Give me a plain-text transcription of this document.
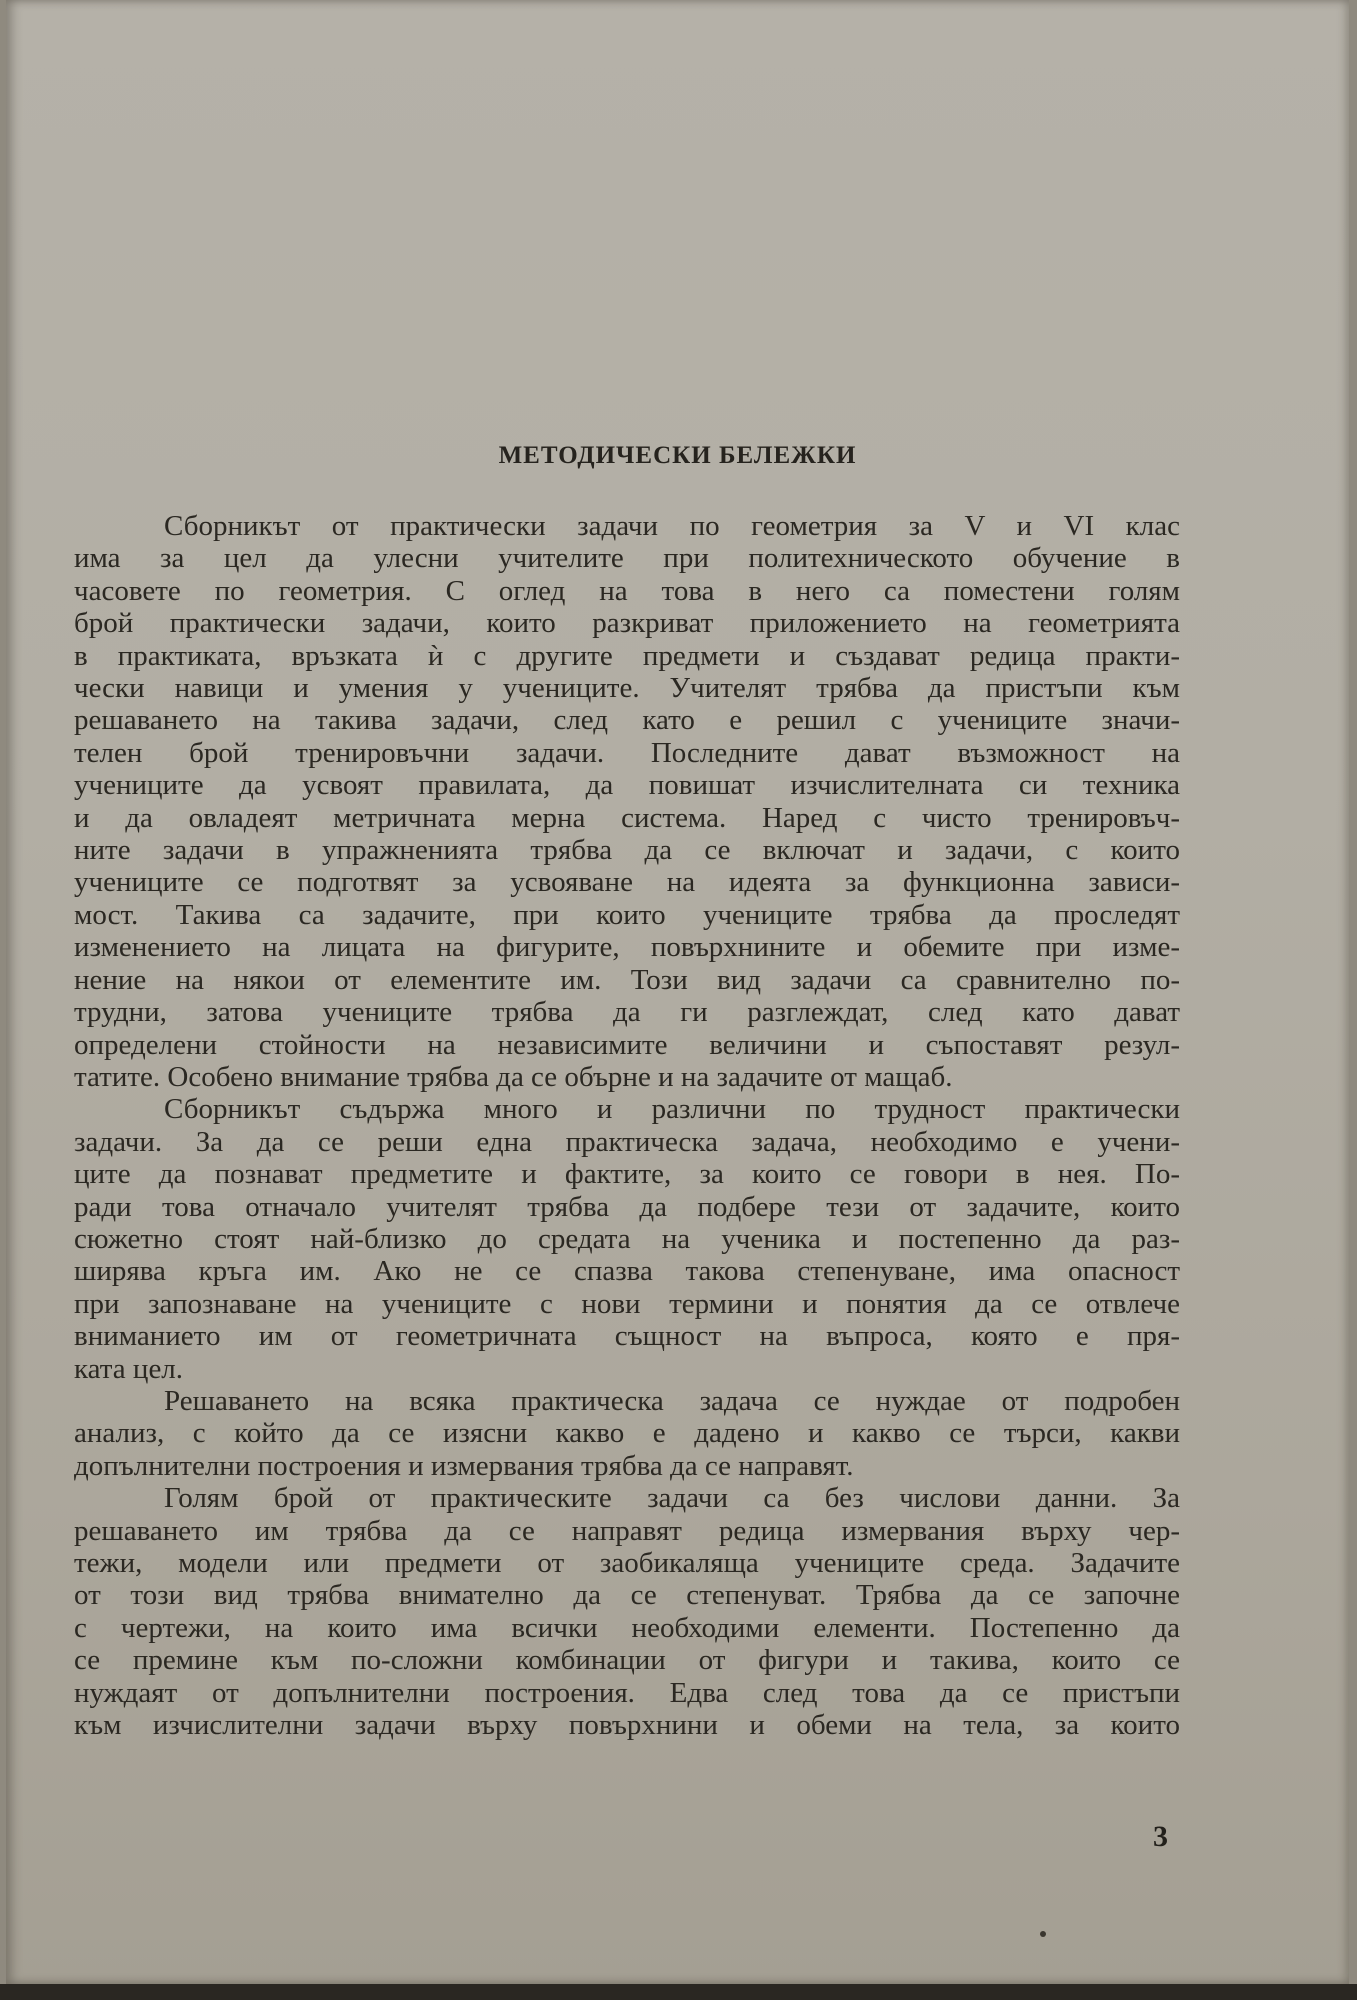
МЕТОДИЧЕСКИ БЕЛЕЖКИ
Сборникът от практически задачи по геометрия за V и VI клас
има за цел да улесни учителите при политехническото обучение в
часовете по геометрия. С оглед на това в него са поместени голям
брой практически задачи, които разкриват приложението на геометрията
в практиката, връзката ѝ с другите предмети и създават редица практи-
чески навици и умения у учениците. Учителят трябва да пристъпи към
решаването на такива задачи, след като е решил с учениците значи-
телен брой тренировъчни задачи. Последните дават възможност на
учениците да усвоят правилата, да повишат изчислителната си техника
и да овладеят метричната мерна система. Наред с чисто тренировъч-
ните задачи в упражненията трябва да се включат и задачи, с които
учениците се подготвят за усвояване на идеята за функционна зависи-
мост. Такива са задачите, при които учениците трябва да проследят
изменението на лицата на фигурите, повърхнините и обемите при изме-
нение на някои от елементите им. Този вид задачи са сравнително по-
трудни, затова учениците трябва да ги разглеждат, след като дават
определени стойности на независимите величини и съпоставят резул-
татите. Особено внимание трябва да се обърне и на задачите от мащаб.
Сборникът съдържа много и различни по трудност практически
задачи. За да се реши една практическа задача, необходимо е учени-
ците да познават предметите и фактите, за които се говори в нея. По-
ради това отначало учителят трябва да подбере тези от задачите, които
сюжетно стоят най-близко до средата на ученика и постепенно да раз-
ширява кръга им. Ако не се спазва такова степенуване, има опасност
при запознаване на учениците с нови термини и понятия да се отвлече
вниманието им от геометричната същност на въпроса, която е пря-
ката цел.
Решаването на всяка практическа задача се нуждае от подробен
анализ, с който да се изясни какво е дадено и какво се търси, какви
допълнителни построения и измервания трябва да се направят.
Голям брой от практическите задачи са без числови данни. За
решаването им трябва да се направят редица измервания върху чер-
тежи, модели или предмети от заобикаляща учениците среда. Задачите
от този вид трябва внимателно да се степенуват. Трябва да се започне
с чертежи, на които има всички необходими елементи. Постепенно да
се премине към по-сложни комбинации от фигури и такива, които се
нуждаят от допълнителни построения. Едва след това да се пристъпи
към изчислителни задачи върху повърхнини и обеми на тела, за които
3
